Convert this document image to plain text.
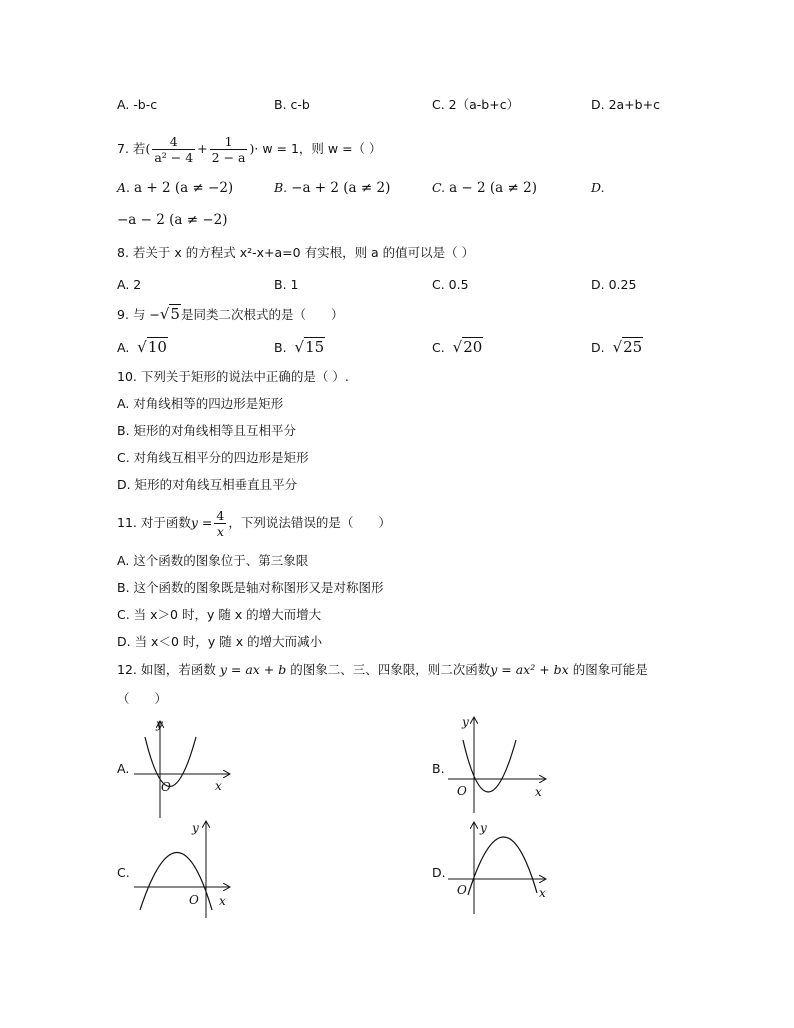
A. -b-c	B. c-b	C. 2（a-b+c）	D. 2a+b+c
7. 若( $\frac{4}{\text{a² − 4}} + \frac{1}{2 - a}$ )· w = 1，则 w =（ ）
A. a + 2 (a ≠ −2)	B. −a + 2 (a ≠ 2)	C. a − 2 (a ≠ 2)	D.
−a − 2 (a ≠ −2)
8. 若关于 x 的方程式 x²-x+a=0 有实根，则 a 的值可以是（ ）
A. 2	B. 1	C. 0.5	D. 0.25
9. 与 −√5是同类二次根式的是（　　）
A. √10	B. √15	C. √20	D. √25
10. 下列关于矩形的说法中正确的是（ ）.
A. 对角线相等的四边形是矩形
B. 矩形的对角线相等且互相平分
C. 对角线互相平分的四边形是矩形
D. 矩形的对角线互相垂直且平分
11. 对于函数$y = \frac{4}{x}$ ，下列说法错误的是（　　）
A. 这个函数的图象位于、第三象限
B. 这个函数的图象既是轴对称图形又是对称图形
C. 当 x＞0 时，y 随 x 的增大而增大
D. 当 x＜0 时，y 随 x 的增大而减小
12. 如图，若函数 y = ax + b 的图象二、三、四象限，则二次函数y = ax² + bx 的图象可能是
（　　）
A.	B.
C.	D.
y
x
O
y
x
O
y
x
O
y
x
O
